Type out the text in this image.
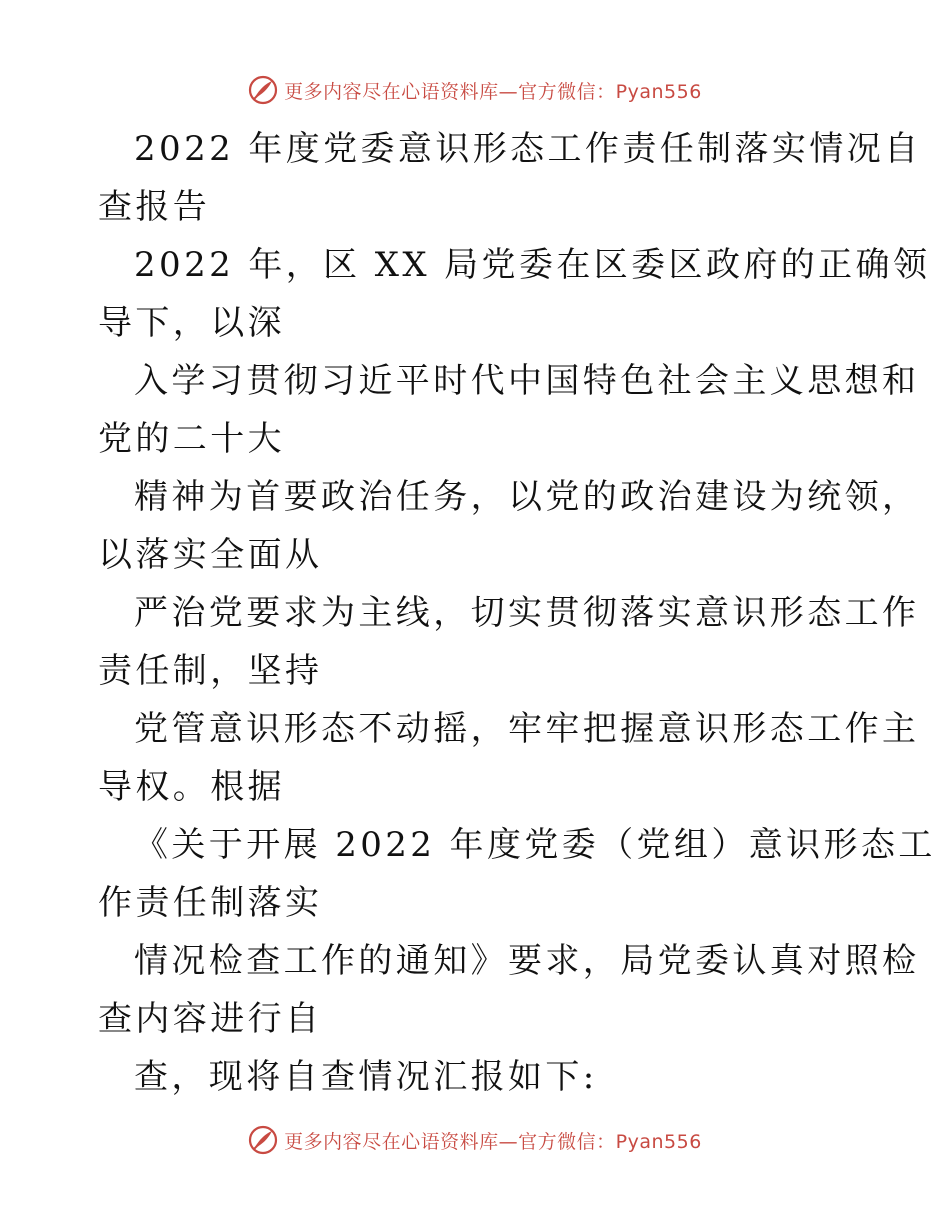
更多内容尽在心语资料库—官方微信：Pyan556

2022 年度党委意识形态工作责任制落实情况自
查报告
2022 年，区 XX 局党委在区委区政府的正确领
导下，以深
入学习贯彻习近平时代中国特色社会主义思想和
党的二十大
精神为首要政治任务，以党的政治建设为统领，
以落实全面从
严治党要求为主线，切实贯彻落实意识形态工作
责任制，坚持
党管意识形态不动摇，牢牢把握意识形态工作主
导权。根据
《关于开展 2022 年度党委（党组）意识形态工
作责任制落实
情况检查工作的通知》要求，局党委认真对照检
查内容进行自
查，现将自查情况汇报如下:

更多内容尽在心语资料库—官方微信：Pyan556
